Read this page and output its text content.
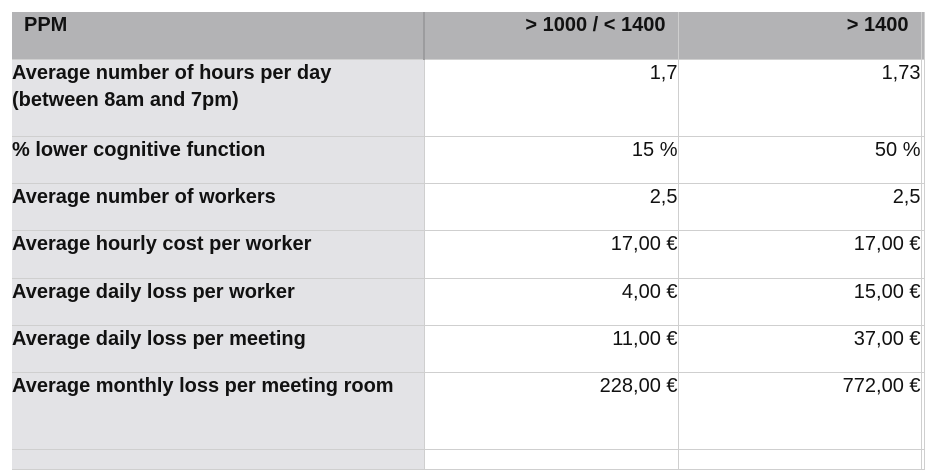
PPM	> 1000 / < 1400	> 1400	
Average number of hours per day (between 8am and 7pm)	1,7	1,73	
% lower cognitive function	15 %	50 %	
Average number of workers	2,5	2,5	
Average hourly cost per worker	17,00 €	17,00 €	
Average daily loss per worker	4,00 €	15,00 €	
Average daily loss per meeting	11,00 €	37,00 €	
Average monthly loss per meeting room	228,00 €	772,00 €	
